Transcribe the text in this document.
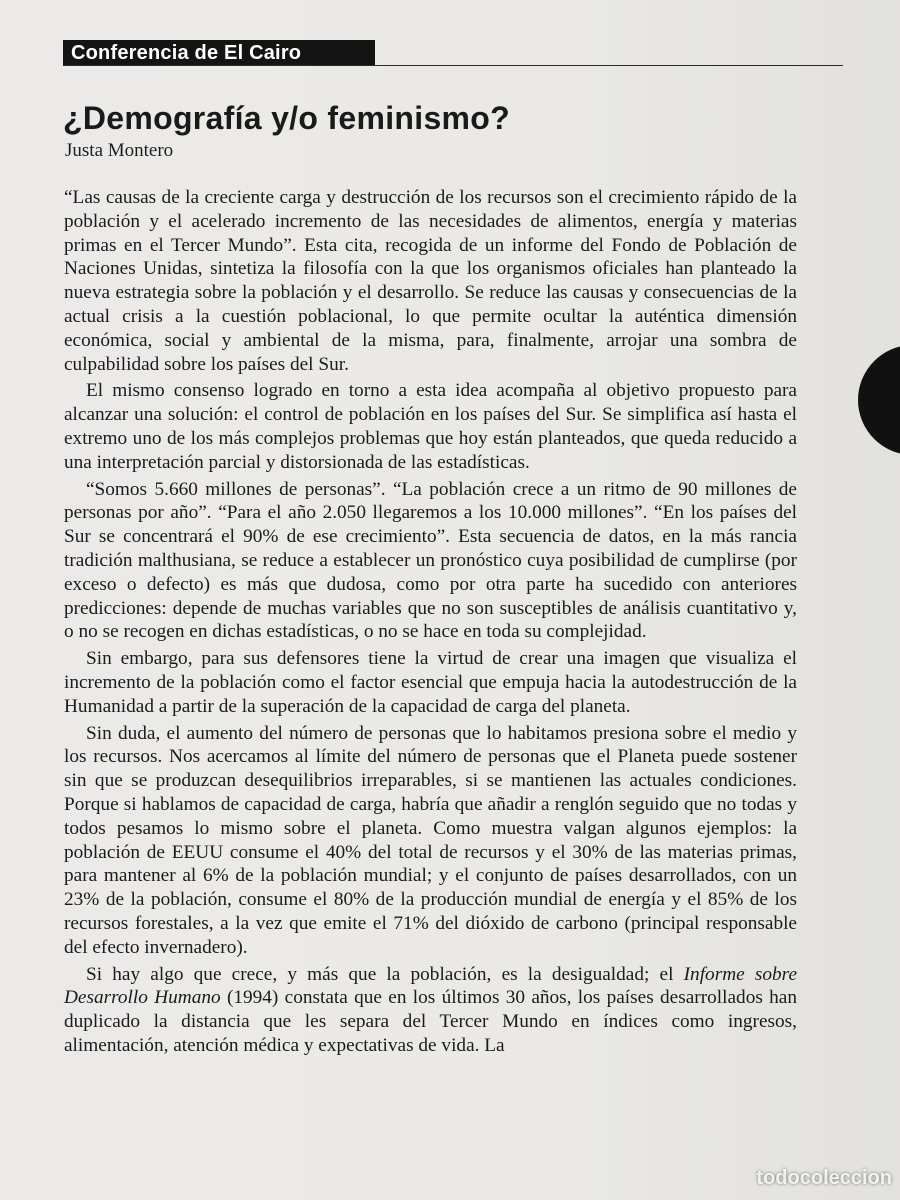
Conferencia de El Cairo
¿Demografía y/o feminismo?
Justa Montero

“Las causas de la creciente carga y destrucción de los recursos son el crecimiento rápido de la población y el acelerado incremento de las necesidades de alimentos, energía y materias primas en el Tercer Mundo”. Esta cita, recogida de un informe del Fondo de Población de Naciones Unidas, sintetiza la filosofía con la que los organismos oficiales han planteado la nueva estrategia sobre la población y el desarrollo. Se reduce las causas y consecuencias de la actual crisis a la cuestión poblacional, lo que permite ocultar la auténtica dimensión económica, social y ambiental de la misma, para, finalmente, arrojar una sombra de culpabilidad sobre los países del Sur.

El mismo consenso logrado en torno a esta idea acompaña al objetivo propuesto para alcanzar una solución: el control de población en los países del Sur. Se simplifica así hasta el extremo uno de los más complejos problemas que hoy están planteados, que queda reducido a una interpretación parcial y distorsionada de las estadísticas.

“Somos 5.660 millones de personas”. “La población crece a un ritmo de 90 millones de personas por año”. “Para el año 2.050 llegaremos a los 10.000 millones”. “En los países del Sur se concentrará el 90% de ese crecimiento”. Esta secuencia de datos, en la más rancia tradición malthusiana, se reduce a establecer un pronóstico cuya posibilidad de cumplirse (por exceso o defecto) es más que dudosa, como por otra parte ha sucedido con anteriores predicciones: depende de muchas variables que no son susceptibles de análisis cuantitativo y, o no se recogen en dichas estadísticas, o no se hace en toda su complejidad.

Sin embargo, para sus defensores tiene la virtud de crear una imagen que visualiza el incremento de la población como el factor esencial que empuja hacia la autodestrucción de la Humanidad a partir de la superación de la capacidad de carga del planeta.

Sin duda, el aumento del número de personas que lo habitamos presiona sobre el medio y los recursos. Nos acercamos al límite del número de personas que el Planeta puede sostener sin que se produzcan desequilibrios irreparables, si se mantienen las actuales condiciones. Porque si hablamos de capacidad de carga, habría que añadir a renglón seguido que no todas y todos pesamos lo mismo sobre el planeta. Como muestra valgan algunos ejemplos: la población de EEUU consume el 40% del total de recursos y el 30% de las materias primas, para mantener al 6% de la población mundial; y el conjunto de países desarrollados, con un 23% de la población, consume el 80% de la producción mundial de energía y el 85% de los recursos forestales, a la vez que emite el 71% del dióxido de carbono (principal responsable del efecto invernadero).

Si hay algo que crece, y más que la población, es la desigualdad; el Informe sobre Desarrollo Humano (1994) constata que en los últimos 30 años, los países desarrollados han duplicado la distancia que les separa del Tercer Mundo en índices como ingresos, alimentación, atención médica y expectativas de vida. La

todocoleccion
